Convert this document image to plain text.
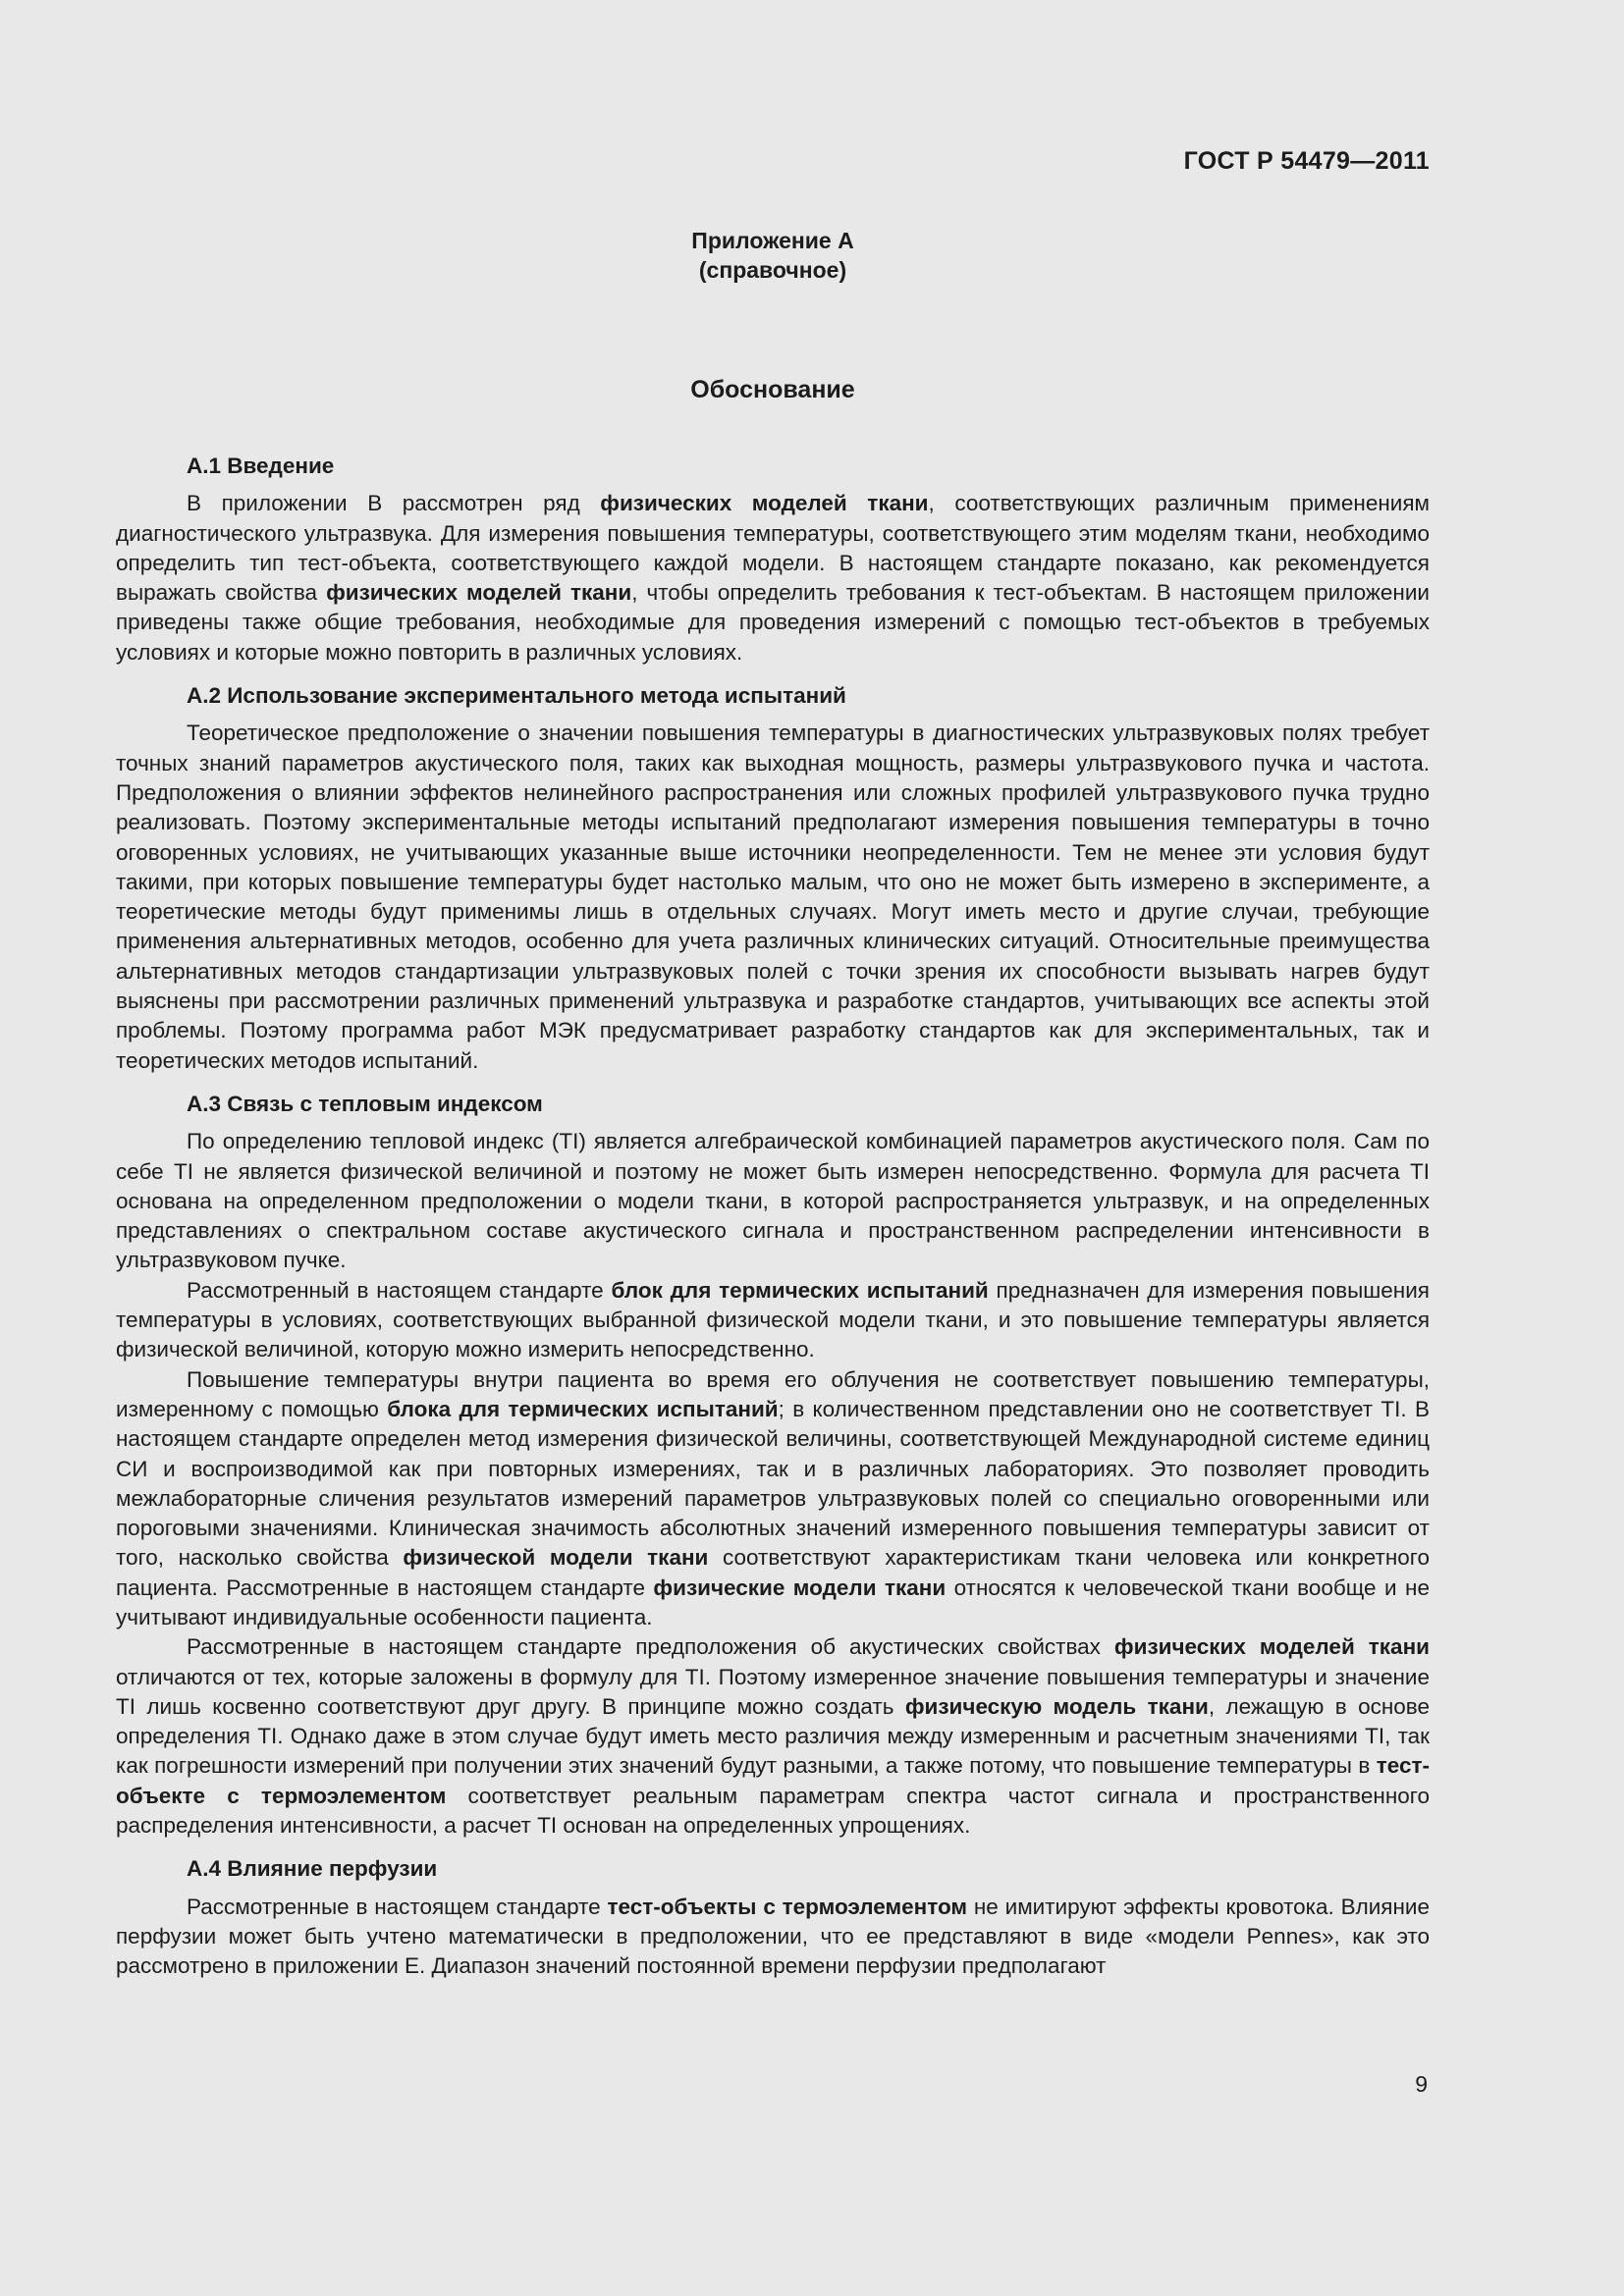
ГОСТ Р 54479—2011
Приложение А
(справочное)
Обоснование
А.1 Введение

В приложении В рассмотрен ряд физических моделей ткани, соответствующих различным применениям диагностического ультразвука. Для измерения повышения температуры, соответствующего этим моделям ткани, необходимо определить тип тест-объекта, соответствующего каждой модели. В настоящем стандарте показано, как рекомендуется выражать свойства физических моделей ткани, чтобы определить требования к тест-объектам. В настоящем приложении приведены также общие требования, необходимые для проведения измерений с помощью тест-объектов в требуемых условиях и которые можно повторить в различных условиях.

А.2 Использование экспериментального метода испытаний

Теоретическое предположение о значении повышения температуры в диагностических ультразвуковых полях требует точных знаний параметров акустического поля, таких как выходная мощность, размеры ультразвукового пучка и частота. Предположения о влиянии эффектов нелинейного распространения или сложных профилей ультразвукового пучка трудно реализовать. Поэтому экспериментальные методы испытаний предполагают измерения повышения температуры в точно оговоренных условиях, не учитывающих указанные выше источники неопределенности. Тем не менее эти условия будут такими, при которых повышение температуры будет настолько малым, что оно не может быть измерено в эксперименте, а теоретические методы будут применимы лишь в отдельных случаях. Могут иметь место и другие случаи, требующие применения альтернативных методов, особенно для учета различных клинических ситуаций. Относительные преимущества альтернативных методов стандартизации ультразвуковых полей с точки зрения их способности вызывать нагрев будут выяснены при рассмотрении различных применений ультразвука и разработке стандартов, учитывающих все аспекты этой проблемы. Поэтому программа работ МЭК предусматривает разработку стандартов как для экспериментальных, так и теоретических методов испытаний.

А.3 Связь с тепловым индексом

По определению тепловой индекс (TI) является алгебраической комбинацией параметров акустического поля. Сам по себе TI не является физической величиной и поэтому не может быть измерен непосредственно. Формула для расчета TI основана на определенном предположении о модели ткани, в которой распространяется ультразвук, и на определенных представлениях о спектральном составе акустического сигнала и пространственном распределении интенсивности в ультразвуковом пучке.

Рассмотренный в настоящем стандарте блок для термических испытаний предназначен для измерения повышения температуры в условиях, соответствующих выбранной физической модели ткани, и это повышение температуры является физической величиной, которую можно измерить непосредственно.

Повышение температуры внутри пациента во время его облучения не соответствует повышению температуры, измеренному с помощью блока для термических испытаний; в количественном представлении оно не соответствует TI. В настоящем стандарте определен метод измерения физической величины, соответствующей Международной системе единиц СИ и воспроизводимой как при повторных измерениях, так и в различных лабораториях. Это позволяет проводить межлабораторные сличения результатов измерений параметров ультразвуковых полей со специально оговоренными или пороговыми значениями. Клиническая значимость абсолютных значений измеренного повышения температуры зависит от того, насколько свойства физической модели ткани соответствуют характеристикам ткани человека или конкретного пациента. Рассмотренные в настоящем стандарте физические модели ткани относятся к человеческой ткани вообще и не учитывают индивидуальные особенности пациента.

Рассмотренные в настоящем стандарте предположения об акустических свойствах физических моделей ткани отличаются от тех, которые заложены в формулу для TI. Поэтому измеренное значение повышения температуры и значение TI лишь косвенно соответствуют друг другу. В принципе можно создать физическую модель ткани, лежащую в основе определения TI. Однако даже в этом случае будут иметь место различия между измеренным и расчетным значениями TI, так как погрешности измерений при получении этих значений будут разными, а также потому, что повышение температуры в тест-объекте с термоэлементом соответствует реальным параметрам спектра частот сигнала и пространственного распределения интенсивности, а расчет TI основан на определенных упрощениях.

А.4 Влияние перфузии

Рассмотренные в настоящем стандарте тест-объекты с термоэлементом не имитируют эффекты кровотока. Влияние перфузии может быть учтено математически в предположении, что ее представляют в виде «модели Pennes», как это рассмотрено в приложении Е. Диапазон значений постоянной времени перфузии предполагают

9
